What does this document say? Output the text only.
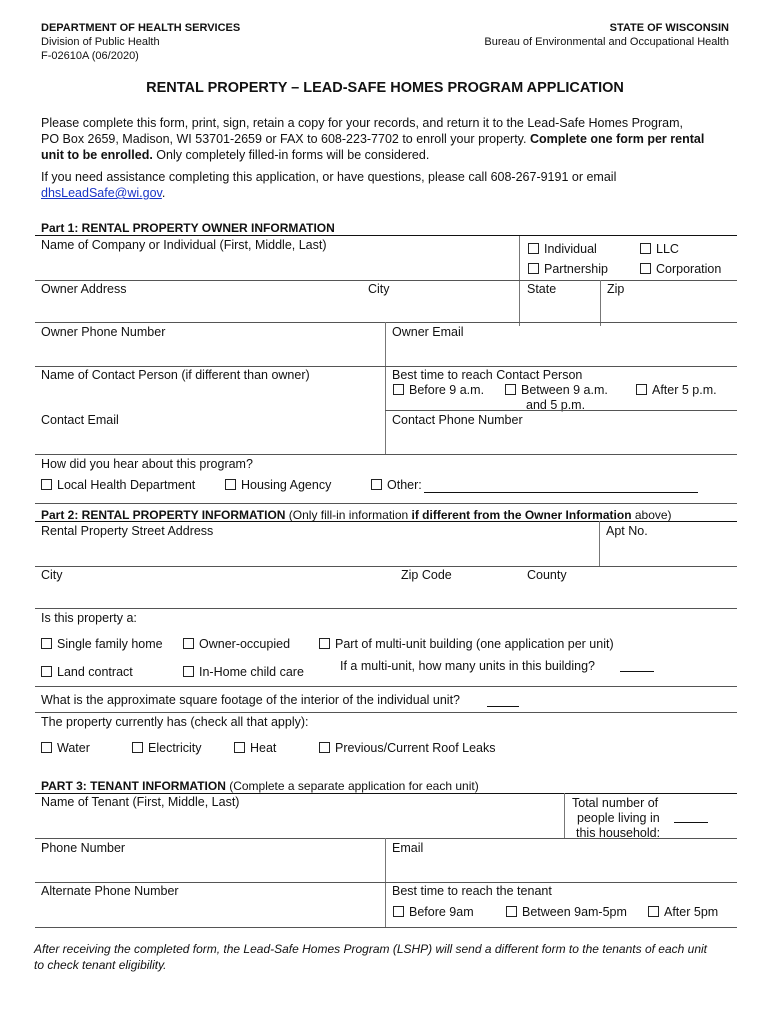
DEPARTMENT OF HEALTH SERVICES
Division of Public Health
F-02610A (06/2020)
STATE OF WISCONSIN
Bureau of Environmental and Occupational Health
RENTAL PROPERTY – LEAD-SAFE HOMES PROGRAM APPLICATION
Please complete this form, print, sign, retain a copy for your records, and return it to the Lead-Safe Homes Program,
PO Box 2659, Madison, WI 53701-2659 or FAX to 608-223-7702 to enroll your property. Complete one form per rental
unit to be enrolled. Only completely filled-in forms will be considered.
If you need assistance completing this application, or have questions, please call 608-267-9191 or email
dhsLeadSafe@wi.gov.
Part 1: RENTAL PROPERTY OWNER INFORMATION
Name of Company or Individual (First, Middle, Last)	Individual	LLC
Partnership	Corporation
Owner Address	City	State	Zip
Owner Phone Number	Owner Email
Name of Contact Person (if different than owner)	Best time to reach Contact Person
Before 9 a.m.	Between 9 a.m.
and 5 p.m.
After 5 p.m.
Contact Email	Contact Phone Number
How did you hear about this program?
Local Health Department	Housing Agency	Other:
Part 2: RENTAL PROPERTY INFORMATION (Only fill-in information if different from the Owner Information above)
Rental Property Street Address	Apt No.
City	Zip Code	County
Is this property a:
Single family home	Owner-occupied	Part of multi-unit building (one application per unit)
Land contract	In-Home child care	If a multi-unit, how many units in this building?
What is the approximate square footage of the interior of the individual unit?
The property currently has (check all that apply):
Water	Electricity	Heat	Previous/Current Roof Leaks
PART 3: TENANT INFORMATION (Complete a separate application for each unit)
Name of Tenant (First, Middle, Last)	Total number of
people living in
this household:
Phone Number	Email
Alternate Phone Number	Best time to reach the tenant
Before 9am	Between 9am-5pm	After 5pm
After receiving the completed form, the Lead-Safe Homes Program (LSHP) will send a different form to the tenants of each unit
to check tenant eligibility.
